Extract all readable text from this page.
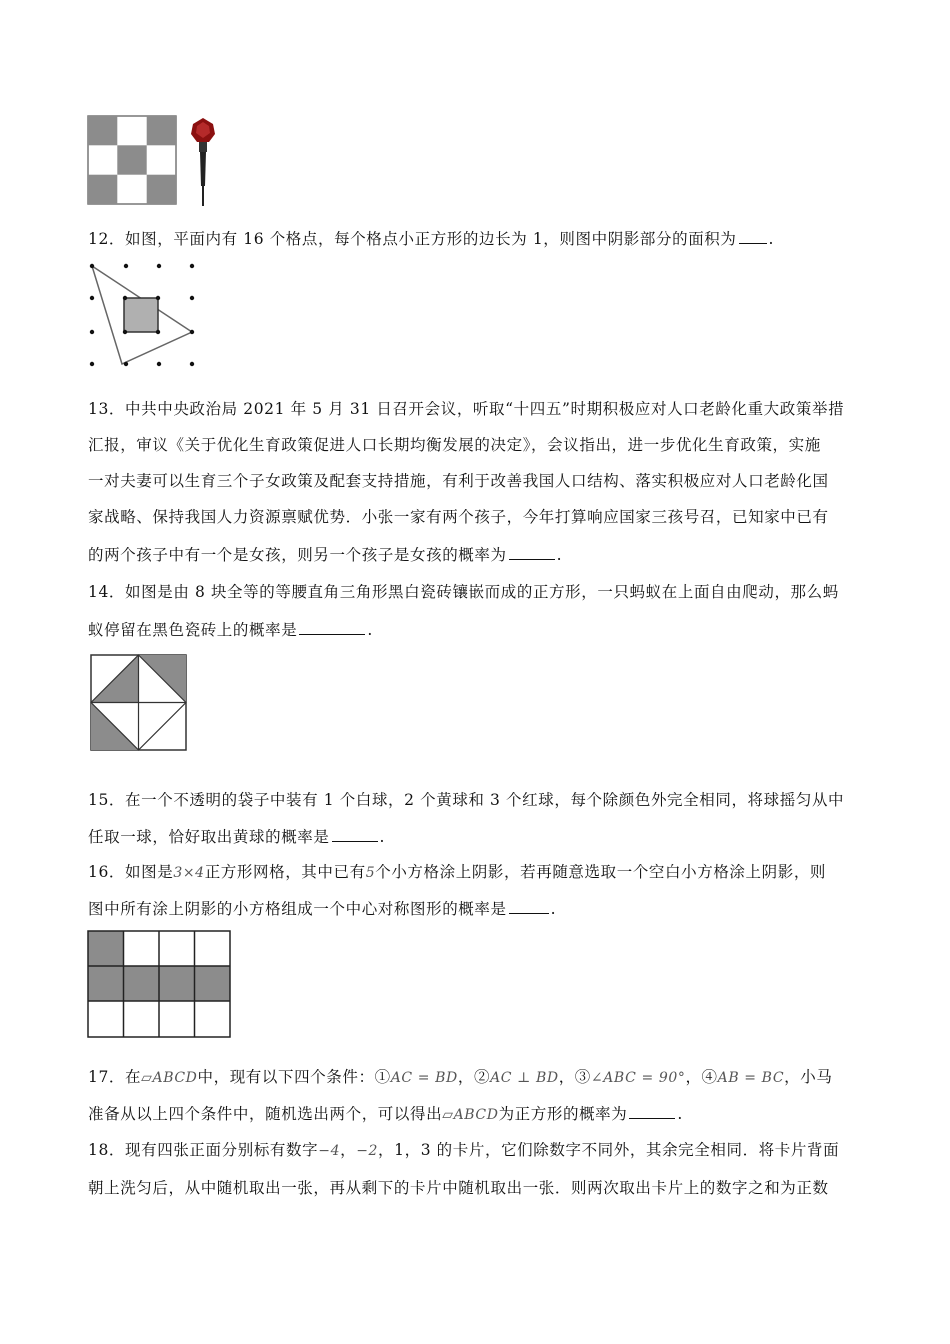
12．如图，平面内有 16 个格点，每个格点小正方形的边长为 1，则图中阴影部分的面积为 .
13．中共中央政治局 2021 年 5 月 31 日召开会议，听取“十四五”时期积极应对人口老龄化重大政策举措
汇报，审议《关于优化生育政策促进人口长期均衡发展的决定》，会议指出，进一步优化生育政策，实施
一对夫妻可以生育三个子女政策及配套支持措施，有利于改善我国人口结构、落实积极应对人口老龄化国
家战略、保持我国人力资源禀赋优势．小张一家有两个孩子，今年打算响应国家三孩号召，已知家中已有
的两个孩子中有一个是女孩，则另一个孩子是女孩的概率为	.
14．如图是由 8 块全等的等腰直角三角形黑白瓷砖镶嵌而成的正方形，一只蚂蚁在上面自由爬动，那么蚂
蚁停留在黑色瓷砖上的概率是	.
15．在一个不透明的袋子中装有 1 个白球，2 个黄球和 3 个红球，每个除颜色外完全相同，将球摇匀从中
任取一球，恰好取出黄球的概率是	.
16．如图是3×4正方形网格，其中已有5个小方格涂上阴影，若再随意选取一个空白小方格涂上阴影，则
图中所有涂上阴影的小方格组成一个中心对称图形的概率是	.
17．在▱ABCD中，现有以下四个条件：①AC = BD，②AC ⊥ BD，③∠ABC = 90°，④AB = BC，小马
准备从以上四个条件中，随机选出两个，可以得出▱ABCD为正方形的概率为	.
18．现有四张正面分别标有数字−4，−2，1，3 的卡片，它们除数字不同外，其余完全相同．将卡片背面
朝上洗匀后，从中随机取出一张，再从剩下的卡片中随机取出一张．则两次取出卡片上的数字之和为正数
